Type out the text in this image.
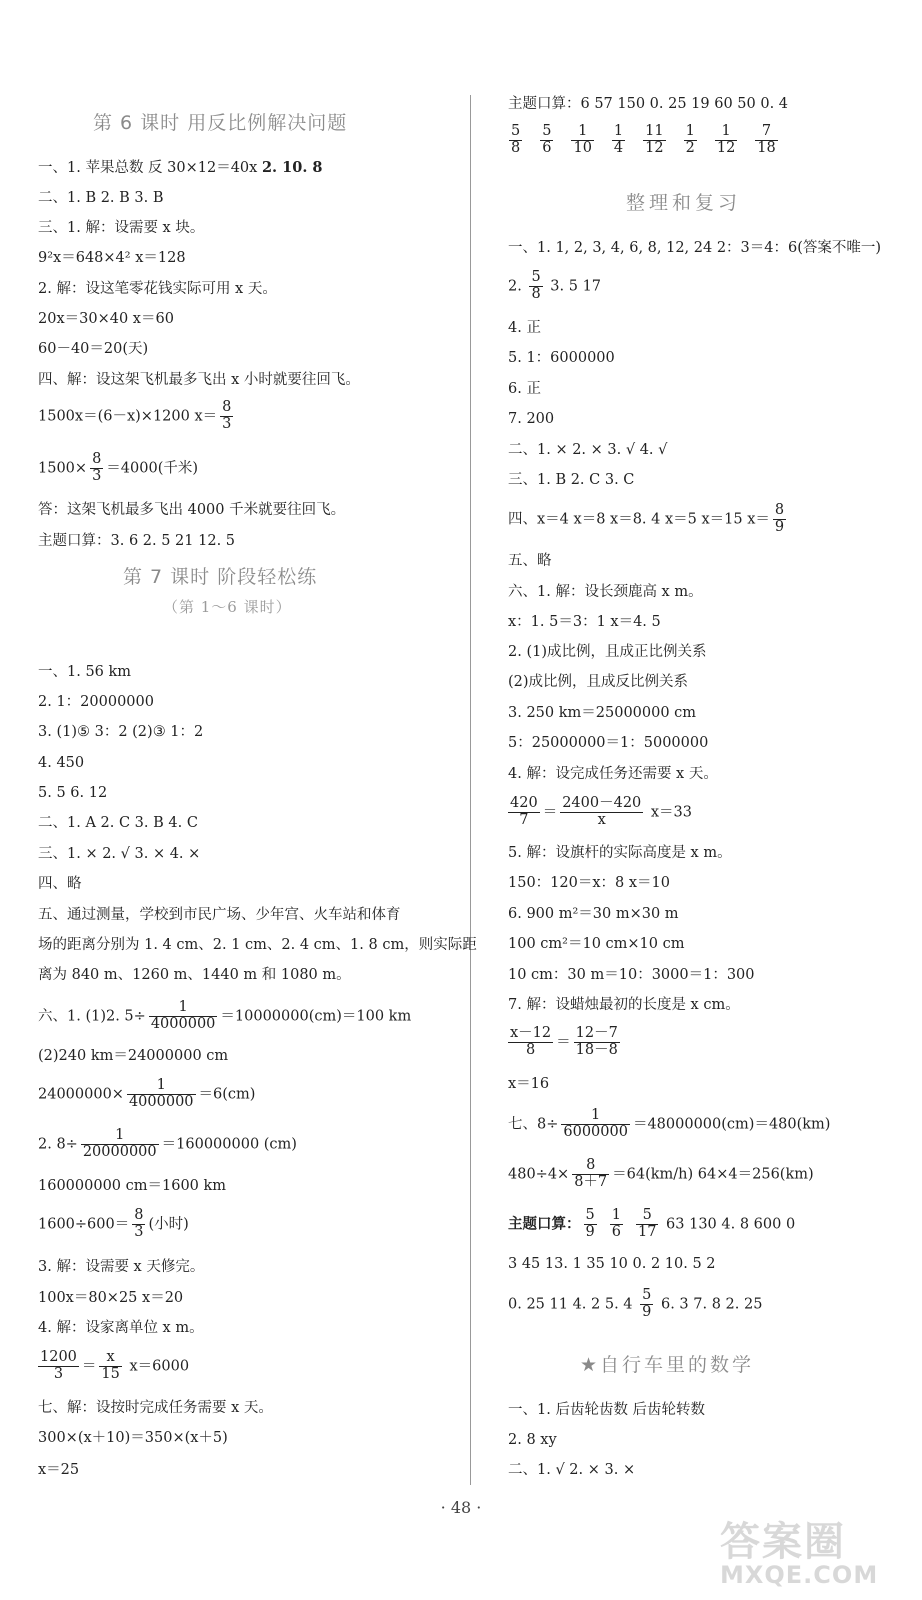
第 6 课时 用反比例解决问题
一、1. 苹果总数 反 30×12＝40x 2. 10. 8
二、1. B 2. B 3. B
三、1. 解：设需要 x 块。
9²x＝648×4² x＝128
2. 解：设这笔零花钱实际可用 x 天。
20x＝30×40 x＝60
60－40＝20(天)
四、解：设这架飞机最多飞出 x 小时就要往回飞。
1500x＝(6－x)×1200 $x= \frac{8}{3}$
$1500\times \frac{8}{3} =4000$(千米)
答：这架飞机最多飞出 4000 千米就要往回飞。
主题口算：3. 6 2. 5 21 12. 5
第 7 课时 阶段轻松练
（第 1～6 课时）
一、1. 56 km
2. 1：20000000
3. (1)⑤ 3：2 (2)③ 1：2
4. 450
5. 5 6. 12
二、1. A 2. C 3. B 4. C
三、1. × 2. √ 3. × 4. ×
四、略
五、通过测量，学校到市民广场、少年宫、火车站和体育
场的距离分别为 1. 4 cm、2. 1 cm、2. 4 cm、1. 8 cm，则实际距
离为 840 m、1260 m、1440 m 和 1080 m。
六、1. (1)2. $5\div \frac{1}{4000000} =10000000(cm)=100$ km
(2)240 km＝24000000 cm
$24000000\times \frac{1}{4000000} =6(cm)$
2. $8\div \frac{1}{20000000} =160000000$ (cm)
160000000 cm＝1600 km
$1600\div 600= \frac{8}{3}$ (小时)
3. 解：设需要 x 天修完。
100x＝80×25 x＝20
4. 解：设家离单位 x m。
$\frac{1200}{3} = \frac{x}{15} x=6000$
七、解：设按时完成任务需要 x 天。
300×(x＋10)＝350×(x＋5)
x＝25
主题口算：6 57 150 0. 25 19 60 50 0. 4
$\frac{5}{8} \frac{5}{6} \frac{1}{10} \frac{1}{4} \frac{11}{12} \frac{1}{2} \frac{1}{12} \frac{7}{18}$
整理和复习
一、1. 1, 2, 3, 4, 6, 8, 12, 24 2：3＝4：6(答案不唯一)
2. $\frac{5}{8} 3$. 5 17
4. 正
5. 1：6000000
6. 正
7. 200
二、1. × 2. × 3. √ 4. √
三、1. B 2. C 3. C
四、x＝4 x＝8 x＝8. 4 x＝5 x＝15 $x= \frac{8}{9}$
五、略
六、1. 解：设长颈鹿高 x m。
x：1. 5＝3：1 x＝4. 5
2. (1)成比例，且成正比例关系
(2)成比例，且成反比例关系
3. 250 km＝25000000 cm
5：25000000＝1：5000000
4. 解：设完成任务还需要 x 天。
$\frac{420}{7} = \frac{2400-420}{x} x=33$
5. 解：设旗杆的实际高度是 x m。
150：120＝x：8 x＝10
6. 900 m²＝30 m×30 m
100 cm²＝10 cm×10 cm
10 cm：30 m＝10：3000＝1：300
7. 解：设蜡烛最初的长度是 x cm。
$\frac{x-12}{8} = \frac{12-7}{18-8}$
x＝16
七、$8\div \frac{1}{6000000} =48000000(cm)=480(km)$
$480\div 4\times \frac{8}{8+7} =64(km/h)$ 64×4＝256(km)
主题口算： $\frac{5}{9} \frac{1}{6} \frac{5}{17} 63$ 130 4. 8 600 0
3 45 13. 1 35 10 0. 2 10. 5 2
0. 25 11 4. 2 5. $4 \frac{5}{9} 6$. 3 7. 8 2. 25
★自行车里的数学
一、1. 后齿轮齿数 后齿轮转数
2. 8 xy
二、1. √ 2. × 3. ×
· 48 ·
答案圈
MXQE.COM
